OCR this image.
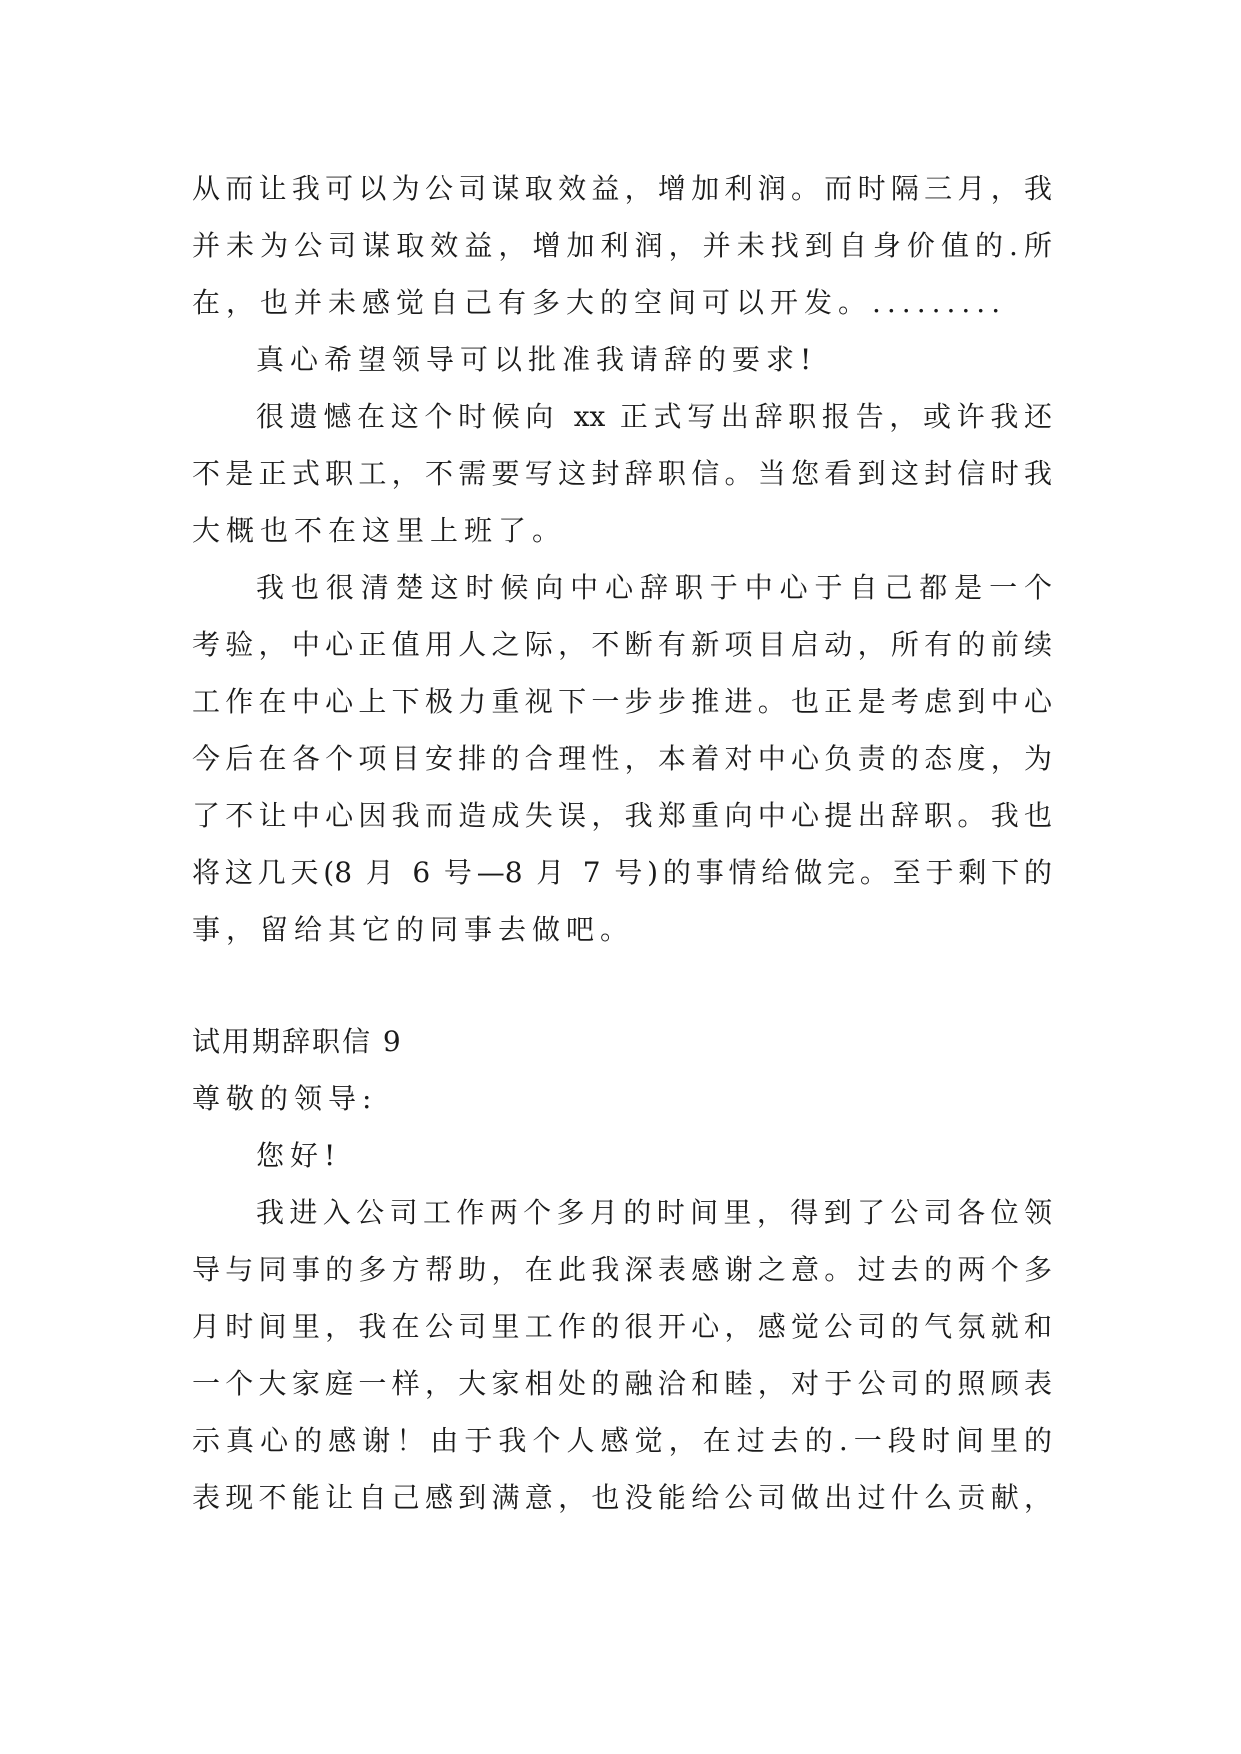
从而让我可以为公司谋取效益，增加利润。而时隔三月，我
并未为公司谋取效益，增加利润，并未找到自身价值的.所
在，也并未感觉自己有多大的空间可以开发。.........
真心希望领导可以批准我请辞的要求!
很遗憾在这个时候向 xx 正式写出辞职报告，或许我还
不是正式职工，不需要写这封辞职信。当您看到这封信时我
大概也不在这里上班了。
我也很清楚这时候向中心辞职于中心于自己都是一个
考验，中心正值用人之际，不断有新项目启动，所有的前续
工作在中心上下极力重视下一步步推进。也正是考虑到中心
今后在各个项目安排的合理性，本着对中心负责的态度，为
了不让中心因我而造成失误，我郑重向中心提出辞职。我也
将这几天(8 月 6 号—8 月 7 号)的事情给做完。至于剩下的
事，留给其它的同事去做吧。
试用期辞职信 9
尊敬的领导:
您好!
我进入公司工作两个多月的时间里，得到了公司各位领
导与同事的多方帮助，在此我深表感谢之意。过去的两个多
月时间里，我在公司里工作的很开心，感觉公司的气氛就和
一个大家庭一样，大家相处的融洽和睦，对于公司的照顾表
示真心的感谢！由于我个人感觉，在过去的.一段时间里的
表现不能让自己感到满意，也没能给公司做出过什么贡献，
